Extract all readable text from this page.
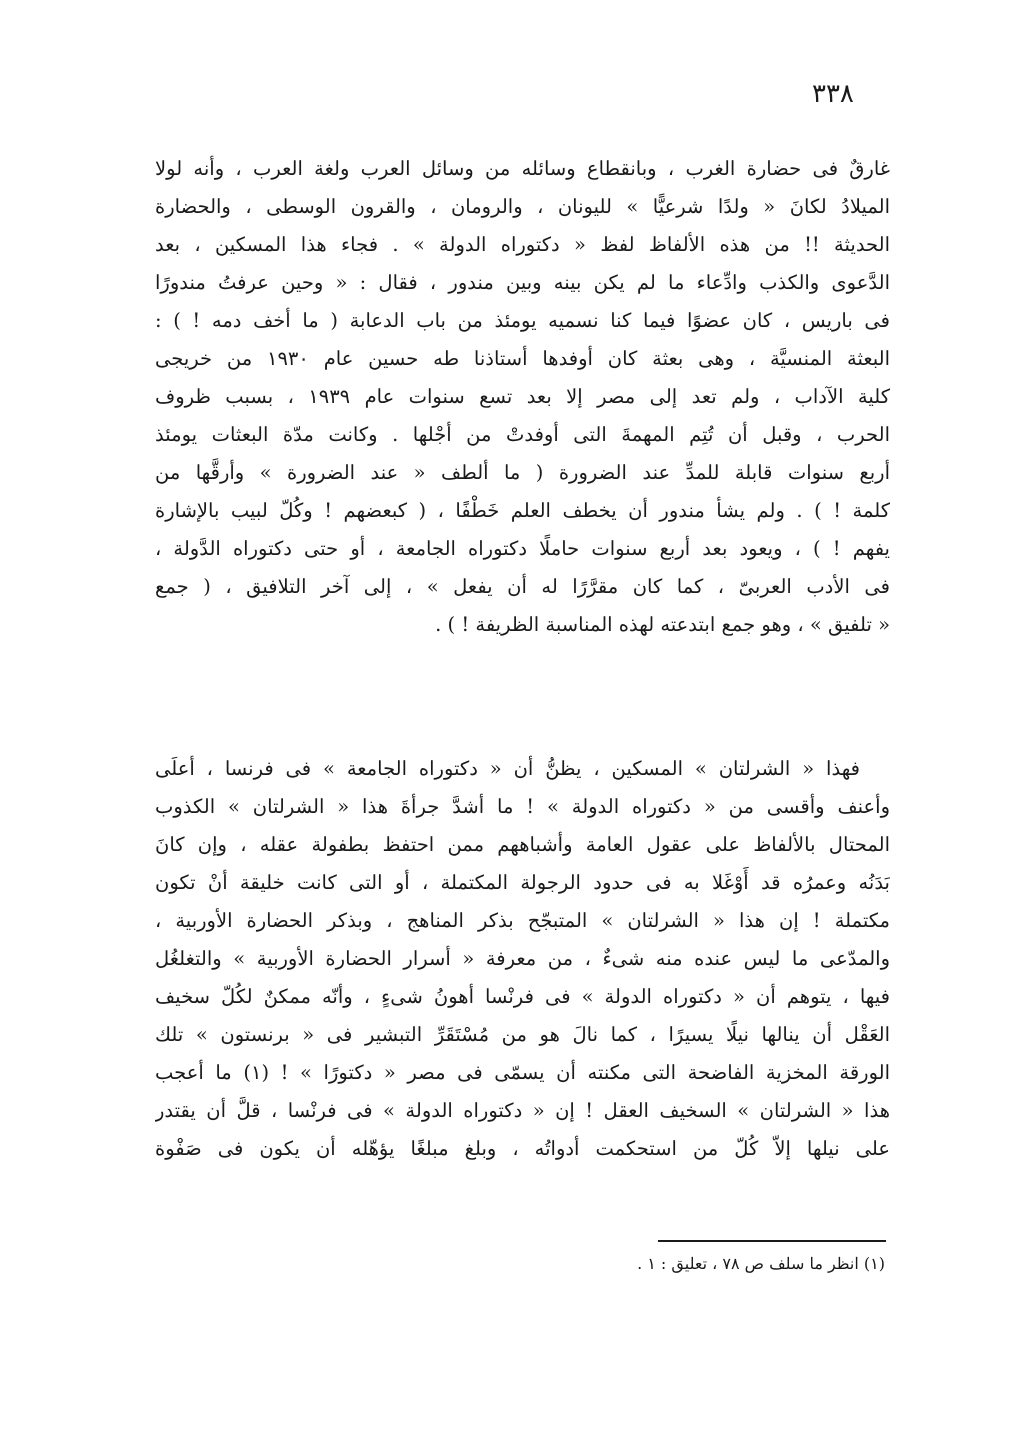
٣٣٨
غارقٌ فى حضارة الغرب ، وبانقطاع وسائله من وسائل العرب ولغة العرب ، وأنه لولا
الميلادُ لكانَ « ولدًا شرعيًّا » لليونان ، والرومان ، والقرون الوسطى ، والحضارة
الحديثة !! من هذه الألفاظ لفظ « دكتوراه الدولة » . فجاء هذا المسكين ، بعد
الدَّعوى والكذب وادِّعاء ما لم يكن بينه وبين مندور ، فقال : « وحين عرفتُ مندورًا
فى باريس ، كان عضوًا فيما كنا نسميه يومئذ من باب الدعابة ( ما أخف دمه ! ) :
البعثة المنسيَّة ، وهى بعثة كان أوفدها أستاذنا طه حسين عام ١٩٣٠ من خريجى
كلية الآداب ، ولم تعد إلى مصر إلا بعد تسع سنوات عام ١٩٣٩ ، بسبب ظروف
الحرب ، وقبل أن تُتِم المهمةَ التى أوفدتْ من أجْلها . وكانت مدّة البعثات يومئذ
أربع سنوات قابلة للمدِّ عند الضرورة ( ما ألطف « عند الضرورة » وأرقَّها من
كلمة ! ) . ولم يشأ مندور أن يخطف العلم خَطْفًا ، ( كبعضهم ! وكُلّ لبيب بالإشارة
يفهم ! ) ، ويعود بعد أربع سنوات حاملًا دكتوراه الجامعة ، أو حتى دكتوراه الدَّولة ،
فى الأدب العربىّ ، كما كان مقرَّرًا له أن يفعل » ، إلى آخر التلافيق ، ( جمع
« تلفيق » ، وهو جمع ابتدعته لهذه المناسبة الظريفة ! ) .
فهذا « الشرلتان » المسكين ، يظنُّ أن « دكتوراه الجامعة » فى فرنسا ، أعلَى
وأعنف وأقسى من « دكتوراه الدولة » ! ما أشدَّ جرأةَ هذا « الشرلتان » الكذوب
المحتال بالألفاظ على عقول العامة وأشباههم ممن احتفظ بطفولة عقله ، وإن كانَ
بَدَنُه وعمرُه قد أَوْغَلا به فى حدود الرجولة المكتملة ، أو التى كانت خليقة أنْ تكون
مكتملة ! إن هذا « الشرلتان » المتبجّح بذكر المناهج ، وبذكر الحضارة الأوربية ،
والمدّعى ما ليس عنده منه شىءٌ ، من معرفة « أسرار الحضارة الأوربية » والتغلغُل
فيها ، يتوهم أن « دكتوراه الدولة » فى فرنْسا أهونُ شىءٍ ، وأنّه ممكنٌ لكُلّ سخيف
العَقْل أن ينالها نيلًا يسيرًا ، كما نالَ هو من مُسْتَقَرِّ التبشير فى « برنستون » تلك
الورقة المخزية الفاضحة التى مكنته أن يسمّى فى مصر « دكتورًا » ! (١) ما أعجب
هذا « الشرلتان » السخيف العقل ! إن « دكتوراه الدولة » فى فرنْسا ، قلَّ أن يقتدر
على نيلها إلاّ كُلّ من استحكمت أدواتُه ، وبلغ مبلغًا يؤهّله أن يكون فى صَفْوة
(١) انظر ما سلف ص ٧٨ ، تعليق : ١ .
